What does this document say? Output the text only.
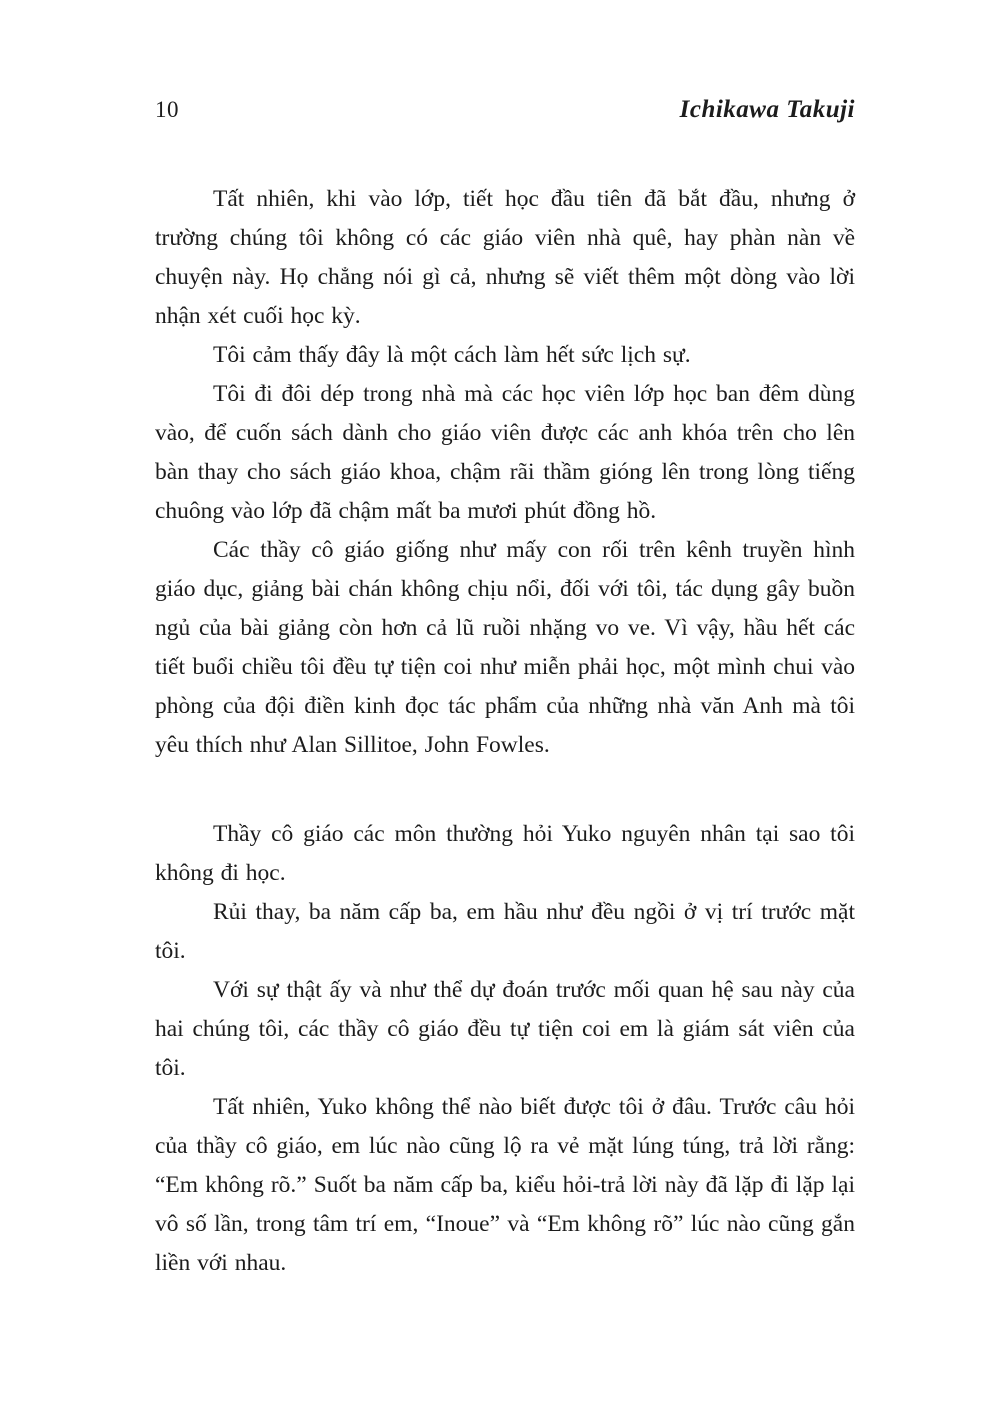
10	Ichikawa Takuji

Tất nhiên, khi vào lớp, tiết học đầu tiên đã bắt đầu, nhưng ở trường chúng tôi không có các giáo viên nhà quê, hay phàn nàn về chuyện này. Họ chẳng nói gì cả, nhưng sẽ viết thêm một dòng vào lời nhận xét cuối học kỳ.

Tôi cảm thấy đây là một cách làm hết sức lịch sự.

Tôi đi đôi dép trong nhà mà các học viên lớp học ban đêm dùng vào, để cuốn sách dành cho giáo viên được các anh khóa trên cho lên bàn thay cho sách giáo khoa, chậm rãi thầm gióng lên trong lòng tiếng chuông vào lớp đã chậm mất ba mươi phút đồng hồ.

Các thầy cô giáo giống như mấy con rối trên kênh truyền hình giáo dục, giảng bài chán không chịu nổi, đối với tôi, tác dụng gây buồn ngủ của bài giảng còn hơn cả lũ ruồi nhặng vo ve. Vì vậy, hầu hết các tiết buổi chiều tôi đều tự tiện coi như miễn phải học, một mình chui vào phòng của đội điền kinh đọc tác phẩm của những nhà văn Anh mà tôi yêu thích như Alan Sillitoe, John Fowles.

Thầy cô giáo các môn thường hỏi Yuko nguyên nhân tại sao tôi không đi học.

Rủi thay, ba năm cấp ba, em hầu như đều ngồi ở vị trí trước mặt tôi.

Với sự thật ấy và như thể dự đoán trước mối quan hệ sau này của hai chúng tôi, các thầy cô giáo đều tự tiện coi em là giám sát viên của tôi.

Tất nhiên, Yuko không thể nào biết được tôi ở đâu. Trước câu hỏi của thầy cô giáo, em lúc nào cũng lộ ra vẻ mặt lúng túng, trả lời rằng: “Em không rõ.” Suốt ba năm cấp ba, kiểu hỏi-trả lời này đã lặp đi lặp lại vô số lần, trong tâm trí em, “Inoue” và “Em không rõ” lúc nào cũng gắn liền với nhau.
